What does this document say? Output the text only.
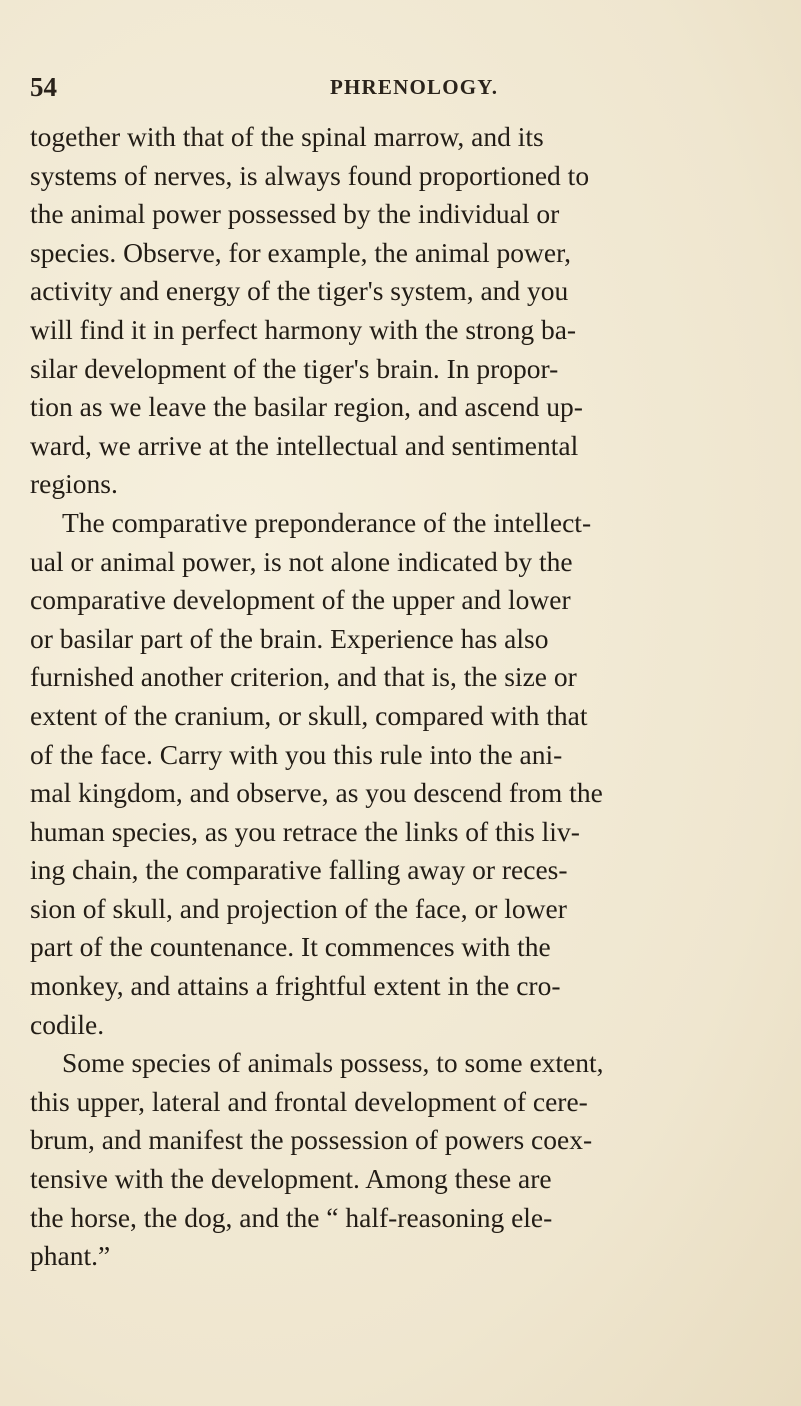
54	PHRENOLOGY.
together with that of the spinal marrow, and its
systems of nerves, is always found proportioned to
the animal power possessed by the individual or
species. Observe, for example, the animal power,
activity and energy of the tiger's system, and you
will find it in perfect harmony with the strong ba-
silar development of the tiger's brain. In propor-
tion as we leave the basilar region, and ascend up-
ward, we arrive at the intellectual and sentimental
regions.
The comparative preponderance of the intellect-
ual or animal power, is not alone indicated by the
comparative development of the upper and lower
or basilar part of the brain. Experience has also
furnished another criterion, and that is, the size or
extent of the cranium, or skull, compared with that
of the face. Carry with you this rule into the ani-
mal kingdom, and observe, as you descend from the
human species, as you retrace the links of this liv-
ing chain, the comparative falling away or reces-
sion of skull, and projection of the face, or lower
part of the countenance. It commences with the
monkey, and attains a frightful extent in the cro-
codile.
Some species of animals possess, to some extent,
this upper, lateral and frontal development of cere-
brum, and manifest the possession of powers coex-
tensive with the development. Among these are
the horse, the dog, and the “ half-reasoning ele-
phant.”
